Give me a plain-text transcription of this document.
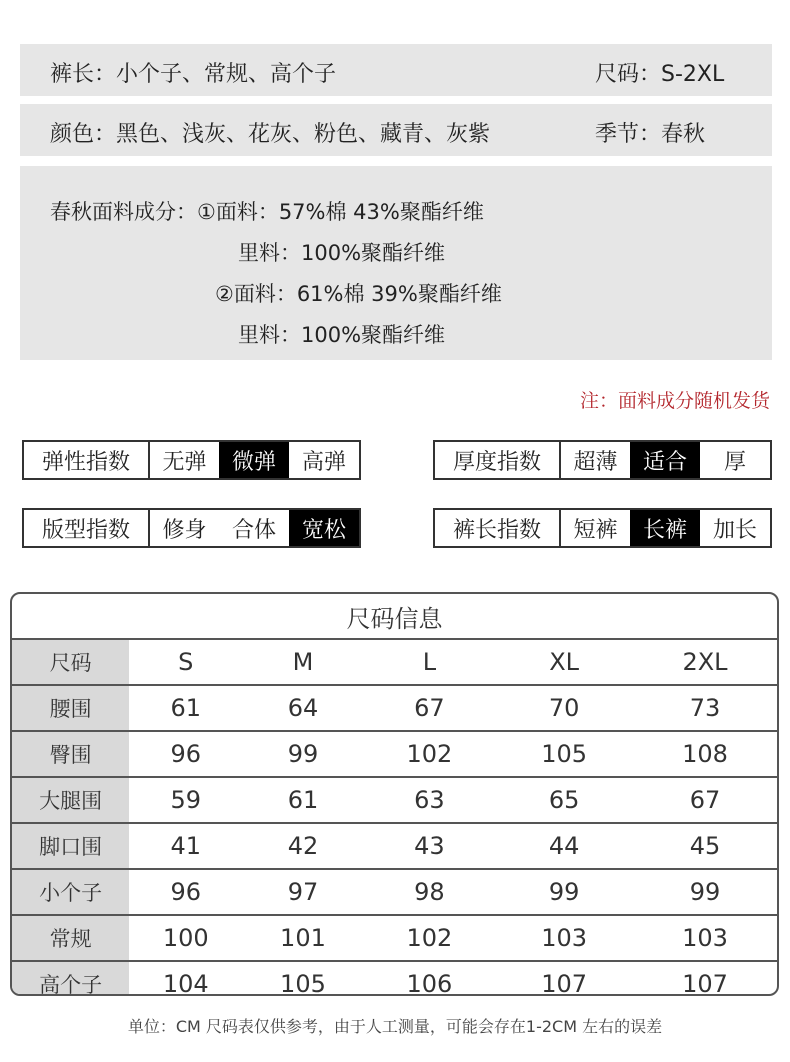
裤长：小个子、常规、高个子	尺码：S-2XL
颜色：黑色、浅灰、花灰、粉色、藏青、灰紫	季节：春秋
春秋面料成分：①面料：57%棉 43%聚酯纤维
里料：100%聚酯纤维
②面料：61%棉 39%聚酯纤维
里料：100%聚酯纤维
注：面料成分随机发货
弹性指数	无弹	微弹	高弹	厚度指数	超薄	适合	厚
版型指数	修身	合体	宽松	裤长指数	短裤	长裤	加长
尺码信息
尺码	S	M	L	XL	2XL
腰围	61	64	67	70	73
臀围	96	99	102	105	108
大腿围	59	61	63	65	67
脚口围	41	42	43	44	45
小个子	96	97	98	99	99
常规	100	101	102	103	103
高个子	104	105	106	107	107
单位：CM 尺码表仅供参考，由于人工测量，可能会存在1-2CM 左右的误差
